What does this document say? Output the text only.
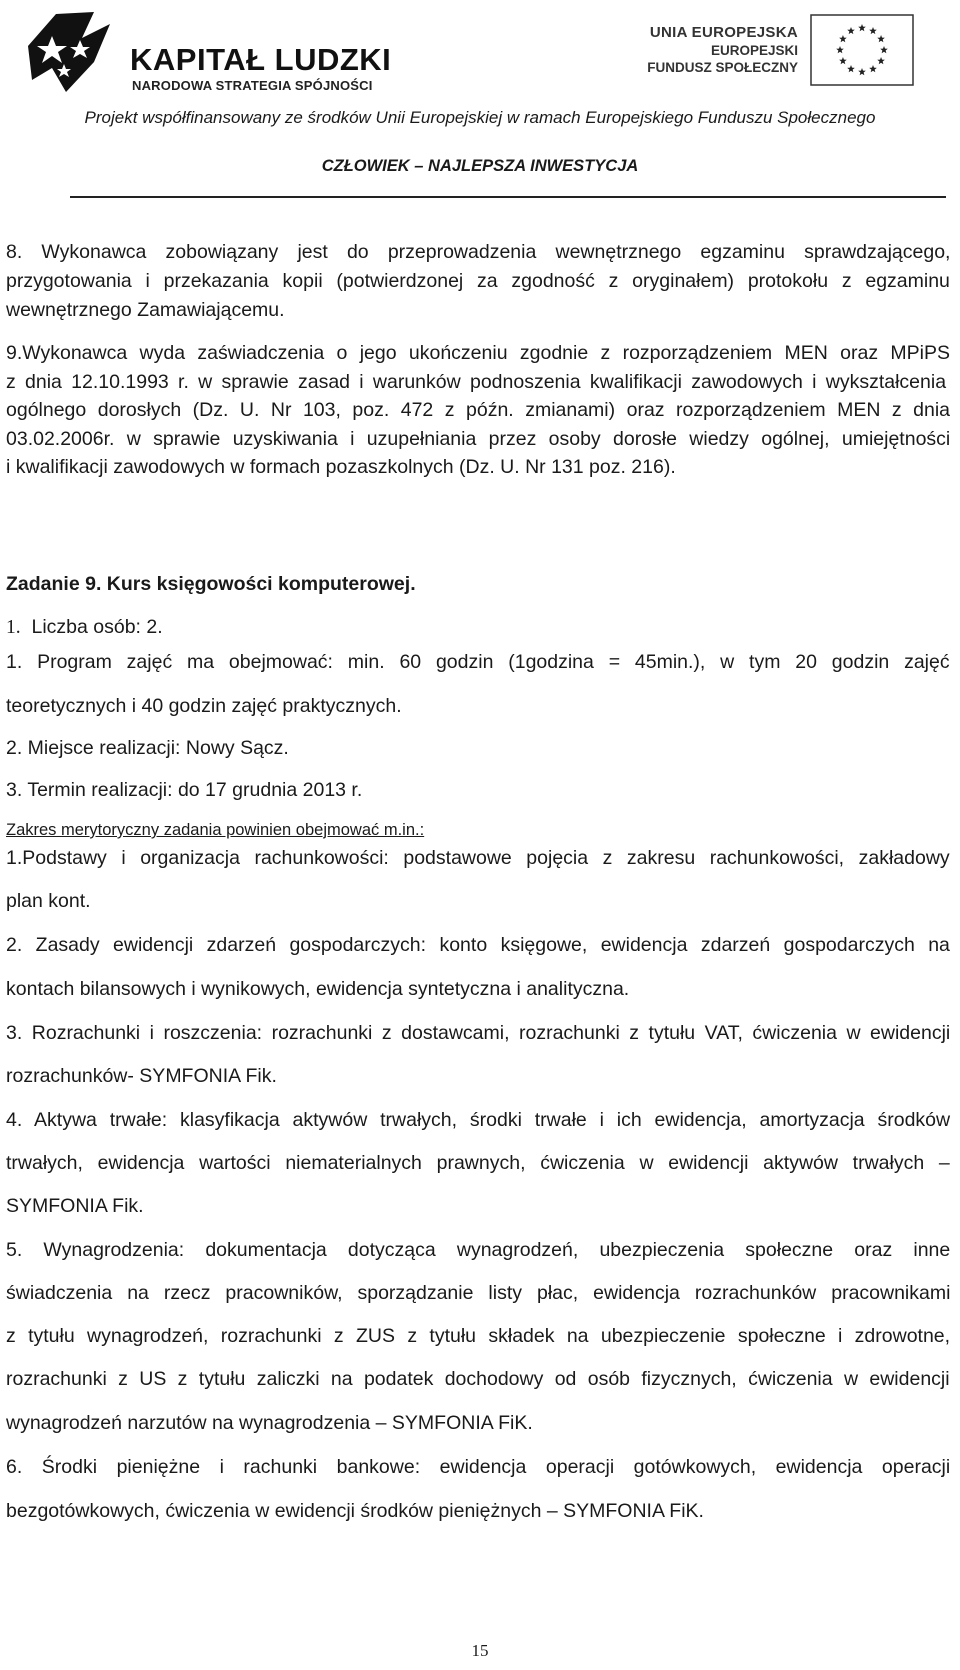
KAPITAŁ LUDZKI
NARODOWA STRATEGIA SPÓJNOŚCI
UNIA EUROPEJSKA
EUROPEJSKI
FUNDUSZ SPOŁECZNY
Projekt współfinansowany ze środków Unii Europejskiej w ramach Europejskiego Funduszu Społecznego
CZŁOWIEK – NAJLEPSZA INWESTYCJA
8. Wykonawca zobowiązany jest do przeprowadzenia wewnętrznego egzaminu sprawdzającego,
przygotowania i przekazania kopii (potwierdzonej za zgodność z oryginałem) protokołu z egzaminu
wewnętrznego Zamawiającemu.
9.Wykonawca wyda zaświadczenia o jego ukończeniu zgodnie z rozporządzeniem MEN oraz MPiPS
z dnia 12.10.1993 r. w sprawie zasad i warunków podnoszenia kwalifikacji zawodowych i wykształcenia
ogólnego dorosłych (Dz. U. Nr 103, poz. 472 z późn. zmianami) oraz rozporządzeniem MEN z dnia
03.02.2006r. w sprawie uzyskiwania i uzupełniania przez osoby dorosłe wiedzy ogólnej, umiejętności
i kwalifikacji zawodowych w formach pozaszkolnych (Dz. U. Nr 131 poz. 216).
Zadanie 9. Kurs księgowości komputerowej.
1. Liczba osób: 2.
1. Program zajęć ma obejmować: min. 60 godzin (1godzina = 45min.), w tym 20 godzin zajęć
teoretycznych i 40 godzin zajęć praktycznych.
2. Miejsce realizacji: Nowy Sącz.
3. Termin realizacji: do 17 grudnia 2013 r.
Zakres merytoryczny zadania powinien obejmować m.in.:
1.Podstawy i organizacja rachunkowości: podstawowe pojęcia z zakresu rachunkowości, zakładowy
plan kont.
2. Zasady ewidencji zdarzeń gospodarczych: konto księgowe, ewidencja zdarzeń gospodarczych na
kontach bilansowych i wynikowych, ewidencja syntetyczna i analityczna.
3. Rozrachunki i roszczenia: rozrachunki z dostawcami, rozrachunki z tytułu VAT, ćwiczenia w ewidencji
rozrachunków- SYMFONIA Fik.
4. Aktywa trwałe: klasyfikacja aktywów trwałych, środki trwałe i ich ewidencja, amortyzacja środków
trwałych, ewidencja wartości niematerialnych prawnych, ćwiczenia w ewidencji aktywów trwałych –
SYMFONIA Fik.
5. Wynagrodzenia: dokumentacja dotycząca wynagrodzeń, ubezpieczenia społeczne oraz inne
świadczenia na rzecz pracowników, sporządzanie listy płac, ewidencja rozrachunków pracownikami
z tytułu wynagrodzeń, rozrachunki z ZUS z tytułu składek na ubezpieczenie społeczne i zdrowotne,
rozrachunki z US z tytułu zaliczki na podatek dochodowy od osób fizycznych, ćwiczenia w ewidencji
wynagrodzeń narzutów na wynagrodzenia – SYMFONIA FiK.
6. Środki pieniężne i rachunki bankowe: ewidencja operacji gotówkowych, ewidencja operacji
bezgotówkowych, ćwiczenia w ewidencji środków pieniężnych – SYMFONIA FiK.
15
